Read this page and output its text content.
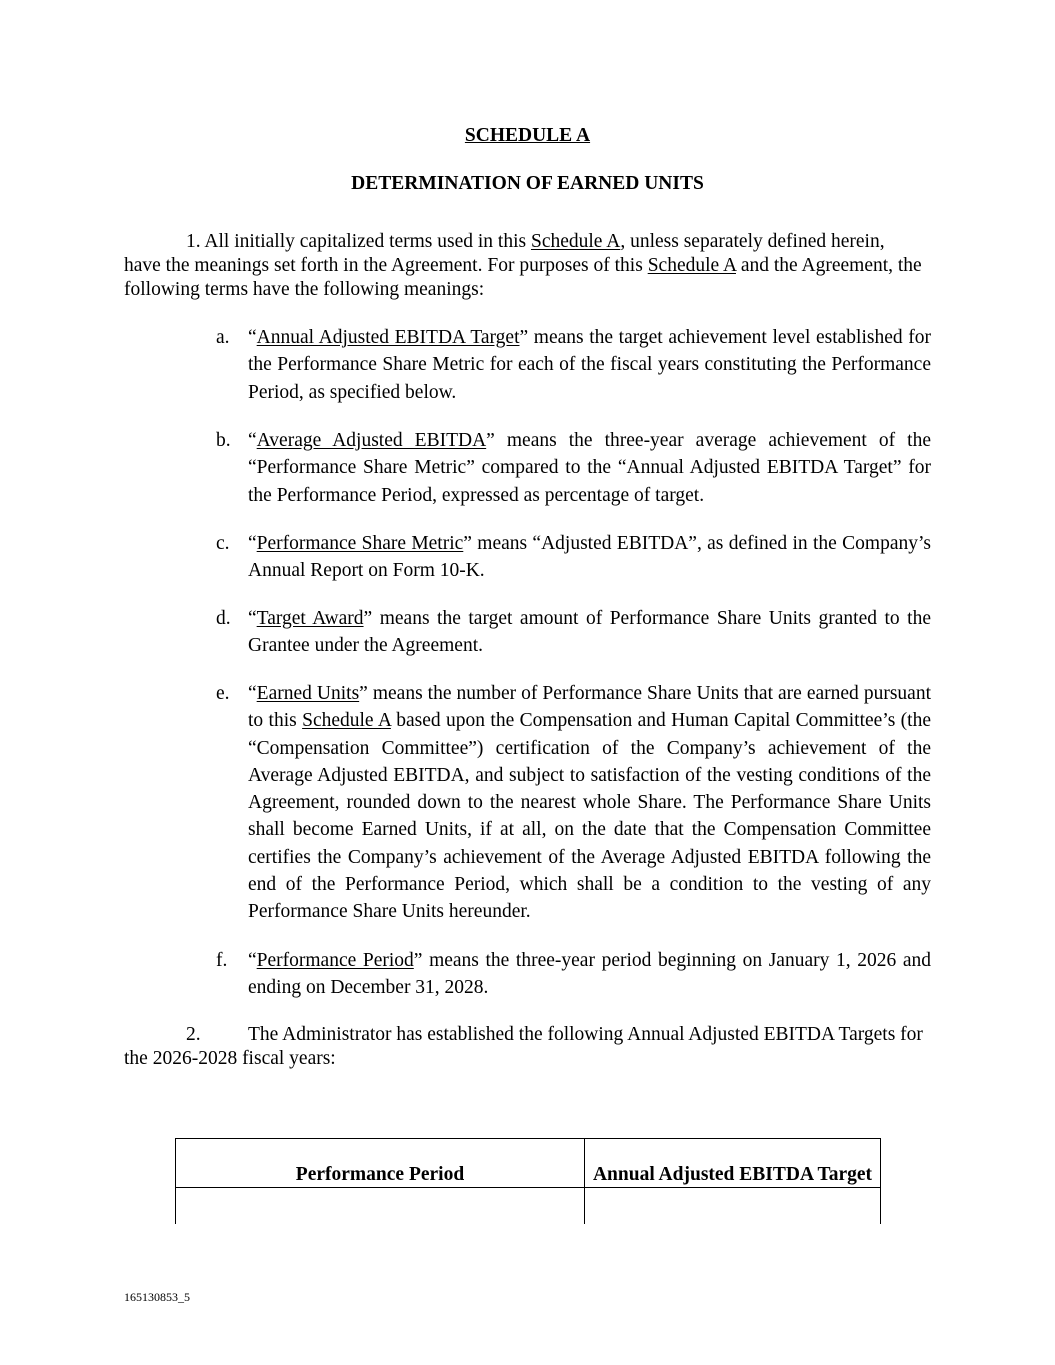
SCHEDULE A
DETERMINATION OF EARNED UNITS
1. All initially capitalized terms used in this Schedule A, unless separately defined herein, have the meanings set forth in the Agreement. For purposes of this Schedule A and the Agreement, the following terms have the following meanings:
a. “Annual Adjusted EBITDA Target” means the target achievement level established for the Performance Share Metric for each of the fiscal years constituting the Performance Period, as specified below.
b. “Average Adjusted EBITDA” means the three-year average achievement of the “Performance Share Metric” compared to the “Annual Adjusted EBITDA Target” for the Performance Period, expressed as percentage of target.
c. “Performance Share Metric” means “Adjusted EBITDA”, as defined in the Company’s Annual Report on Form 10-K.
d. “Target Award” means the target amount of Performance Share Units granted to the Grantee under the Agreement.
e. “Earned Units” means the number of Performance Share Units that are earned pursuant to this Schedule A based upon the Compensation and Human Capital Committee’s (the “Compensation Committee”) certification of the Company’s achievement of the Average Adjusted EBITDA, and subject to satisfaction of the vesting conditions of the Agreement, rounded down to the nearest whole Share. The Performance Share Units shall become Earned Units, if at all, on the date that the Compensation Committee certifies the Company’s achievement of the Average Adjusted EBITDA following the end of the Performance Period, which shall be a condition to the vesting of any Performance Share Units hereunder.
f.	“Performance Period” means the three-year period beginning on January 1, 2026 and ending on December 31, 2028.
2. The Administrator has established the following Annual Adjusted EBITDA Targets for the 2026-2028 fiscal years:
Performance Period	Annual Adjusted EBITDA Target

165130853_5
